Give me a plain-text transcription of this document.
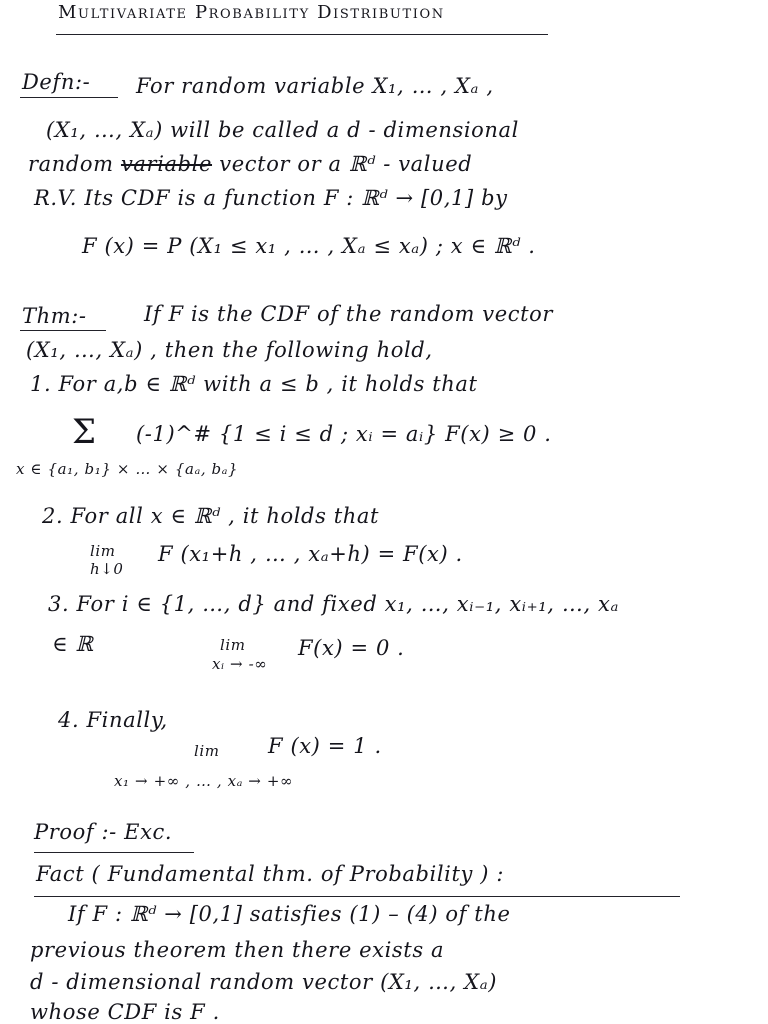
Multivariate Probability Distribution
Defn:- For random variable X₁, … , Xₐ ,
(X₁, …, Xₐ) will be called a d - dimensional
random variable vector or a ℝᵈ - valued
R.V. Its CDF is a function F : ℝᵈ → [0,1] by
F (x) = P (X₁ ≤ x₁ , … , Xₐ ≤ xₐ) ; x ∈ ℝᵈ .
Thm:-	If F is the CDF of the random vector
(X₁, …, Xₐ) , then the following hold,
1. For a,b ∈ ℝᵈ with a ≤ b , it holds that
Σ (-1)^# {1 ≤ i ≤ d ; xᵢ = aᵢ} F(x) ≥ 0 .
x ∈ {a₁, b₁} × … × {aₐ, bₐ}
2. For all x ∈ ℝᵈ , it holds that
lim
h↓0
F (x₁+h , … , xₐ+h) = F(x) .
3. For i ∈ {1, …, d} and fixed x₁, …, xᵢ₋₁, xᵢ₊₁, …, xₐ
∈ ℝ	lim
xᵢ → -∞
F(x) = 0 .
4. Finally,
lim F (x) = 1 .
x₁ → +∞ , … , xₐ → +∞
Proof :- Exc.
Fact ( Fundamental thm. of Probability ) :
If F : ℝᵈ → [0,1] satisfies (1) – (4) of the
previous theorem then there exists a
d - dimensional random vector (X₁, …, Xₐ)
whose CDF is F .
